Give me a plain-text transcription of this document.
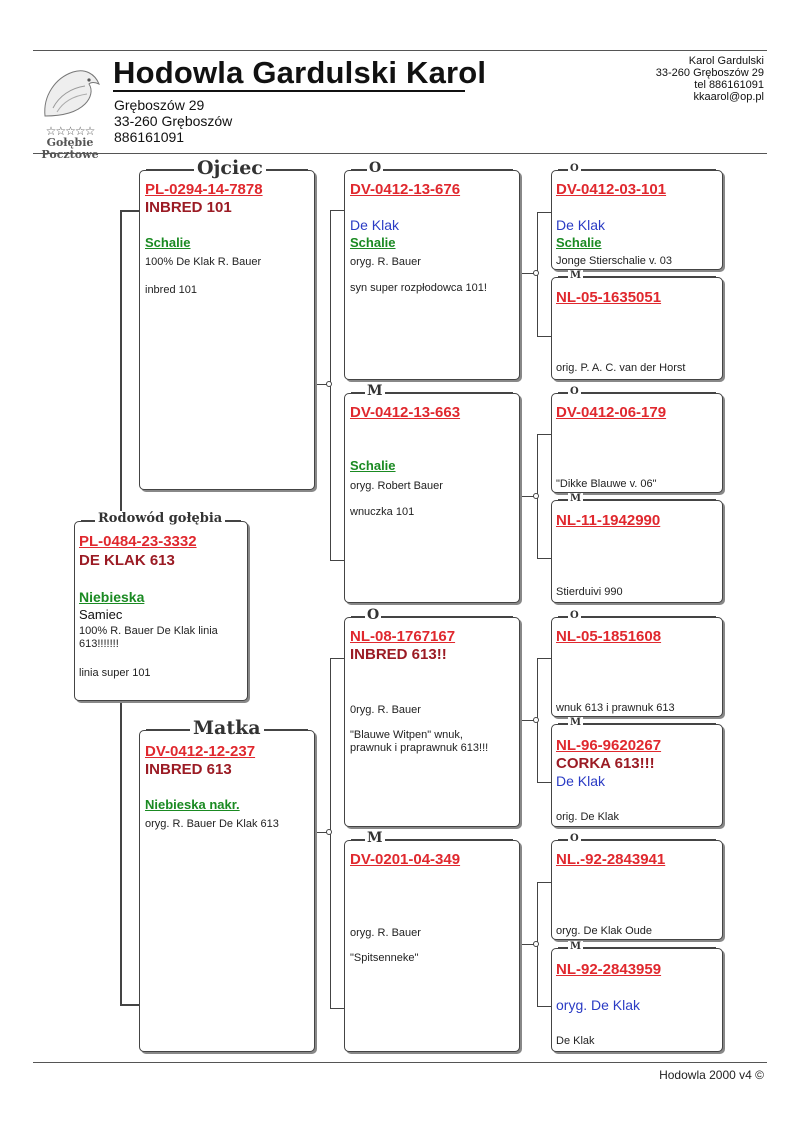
☆☆☆☆☆
Gołębie
Pocztowe
Hodowla Gardulski Karol
Gręboszów 29
33-260 Gręboszów
886161091
Karol Gardulski
33-260 Gręboszów 29
tel 886161091
kkaarol@op.pl
Rodowód gołębia
PL-0484-23-3332
DE KLAK 613
Niebieska
Samiec
100% R. Bauer De Klak linia
613!!!!!!!
linia super 101
Ojciec
PL-0294-14-7878
INBRED 101
Schalie
100% De Klak R. Bauer
inbred 101
Matka
DV-0412-12-237
INBRED 613
Niebieska nakr.
oryg. R. Bauer De Klak 613
O
DV-0412-13-676
De Klak
Schalie
oryg. R. Bauer
syn super rozpłodowca 101!
M
DV-0412-13-663
Schalie
oryg. Robert Bauer
wnuczka 101
O
NL-08-1767167
INBRED 613!!
0ryg. R. Bauer
"Blauwe Witpen" wnuk,
prawnuk i praprawnuk 613!!!
M
DV-0201-04-349
oryg. R. Bauer
"Spitsenneke"
O
DV-0412-03-101
De Klak
Schalie
Jonge Stierschalie v. 03
M
NL-05-1635051
orig. P. A. C. van der Horst
O
DV-0412-06-179
"Dikke Blauwe v. 06"
M
NL-11-1942990
Stierduivi 990
O
NL-05-1851608
wnuk 613 i prawnuk 613
M
NL-96-9620267
CORKA 613!!!
De Klak
orig. De Klak
O
NL.-92-2843941
oryg. De Klak Oude
M
NL-92-2843959
oryg. De Klak
De Klak
Hodowla 2000 v4 ©
